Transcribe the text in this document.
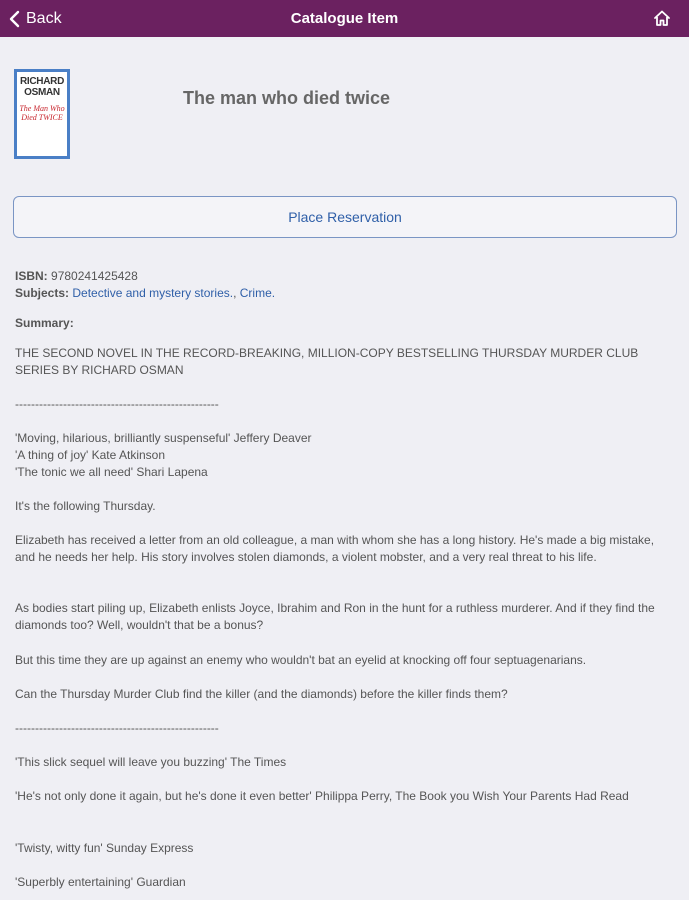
Back	Catalogue Item
RICHARD
OSMAN
The Man Who
Died TWICE
The man who died twice
Place Reservation
ISBN: 9780241425428
Subjects: Detective and mystery stories., Crime.
Summary:
THE SECOND NOVEL IN THE RECORD-BREAKING, MILLION-COPY BESTSELLING THURSDAY MURDER CLUB SERIES BY RICHARD OSMAN
---------------------------------------------------
'Moving, hilarious, brilliantly suspenseful' Jeffery Deaver
'A thing of joy' Kate Atkinson
'The tonic we all need' Shari Lapena
It's the following Thursday.
Elizabeth has received a letter from an old colleague, a man with whom she has a long history. He's made a big mistake, and he needs her help. His story involves stolen diamonds, a violent mobster, and a very real threat to his life.
As bodies start piling up, Elizabeth enlists Joyce, Ibrahim and Ron in the hunt for a ruthless murderer. And if they find the diamonds too? Well, wouldn't that be a bonus?
But this time they are up against an enemy who wouldn't bat an eyelid at knocking off four septuagenarians.
Can the Thursday Murder Club find the killer (and the diamonds) before the killer finds them?
---------------------------------------------------
'This slick sequel will leave you buzzing' The Times
'He's not only done it again, but he's done it even better' Philippa Perry, The Book you Wish Your Parents Had Read
'Twisty, witty fun' Sunday Express
'Superbly entertaining' Guardian
